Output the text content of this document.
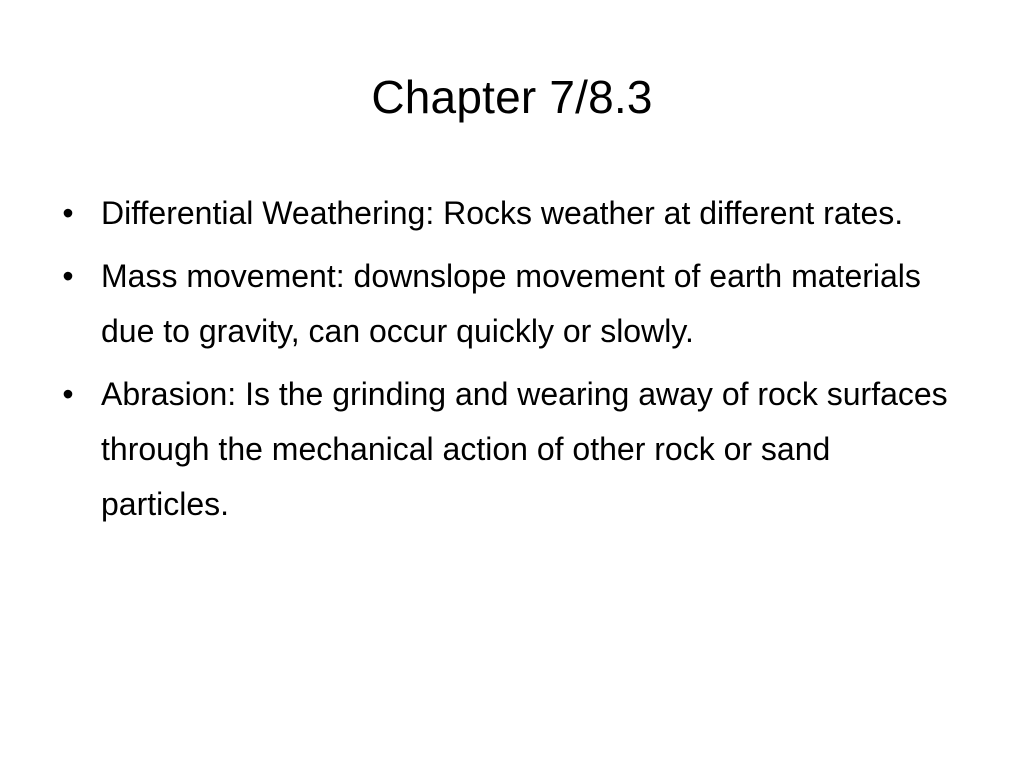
Chapter 7/8.3
• Differential Weathering: Rocks weather at different rates.
• Mass movement: downslope movement of earth materials due to gravity, can occur quickly or slowly.
• Abrasion: Is the grinding and wearing away of rock surfaces through the mechanical action of other rock or sand particles.
